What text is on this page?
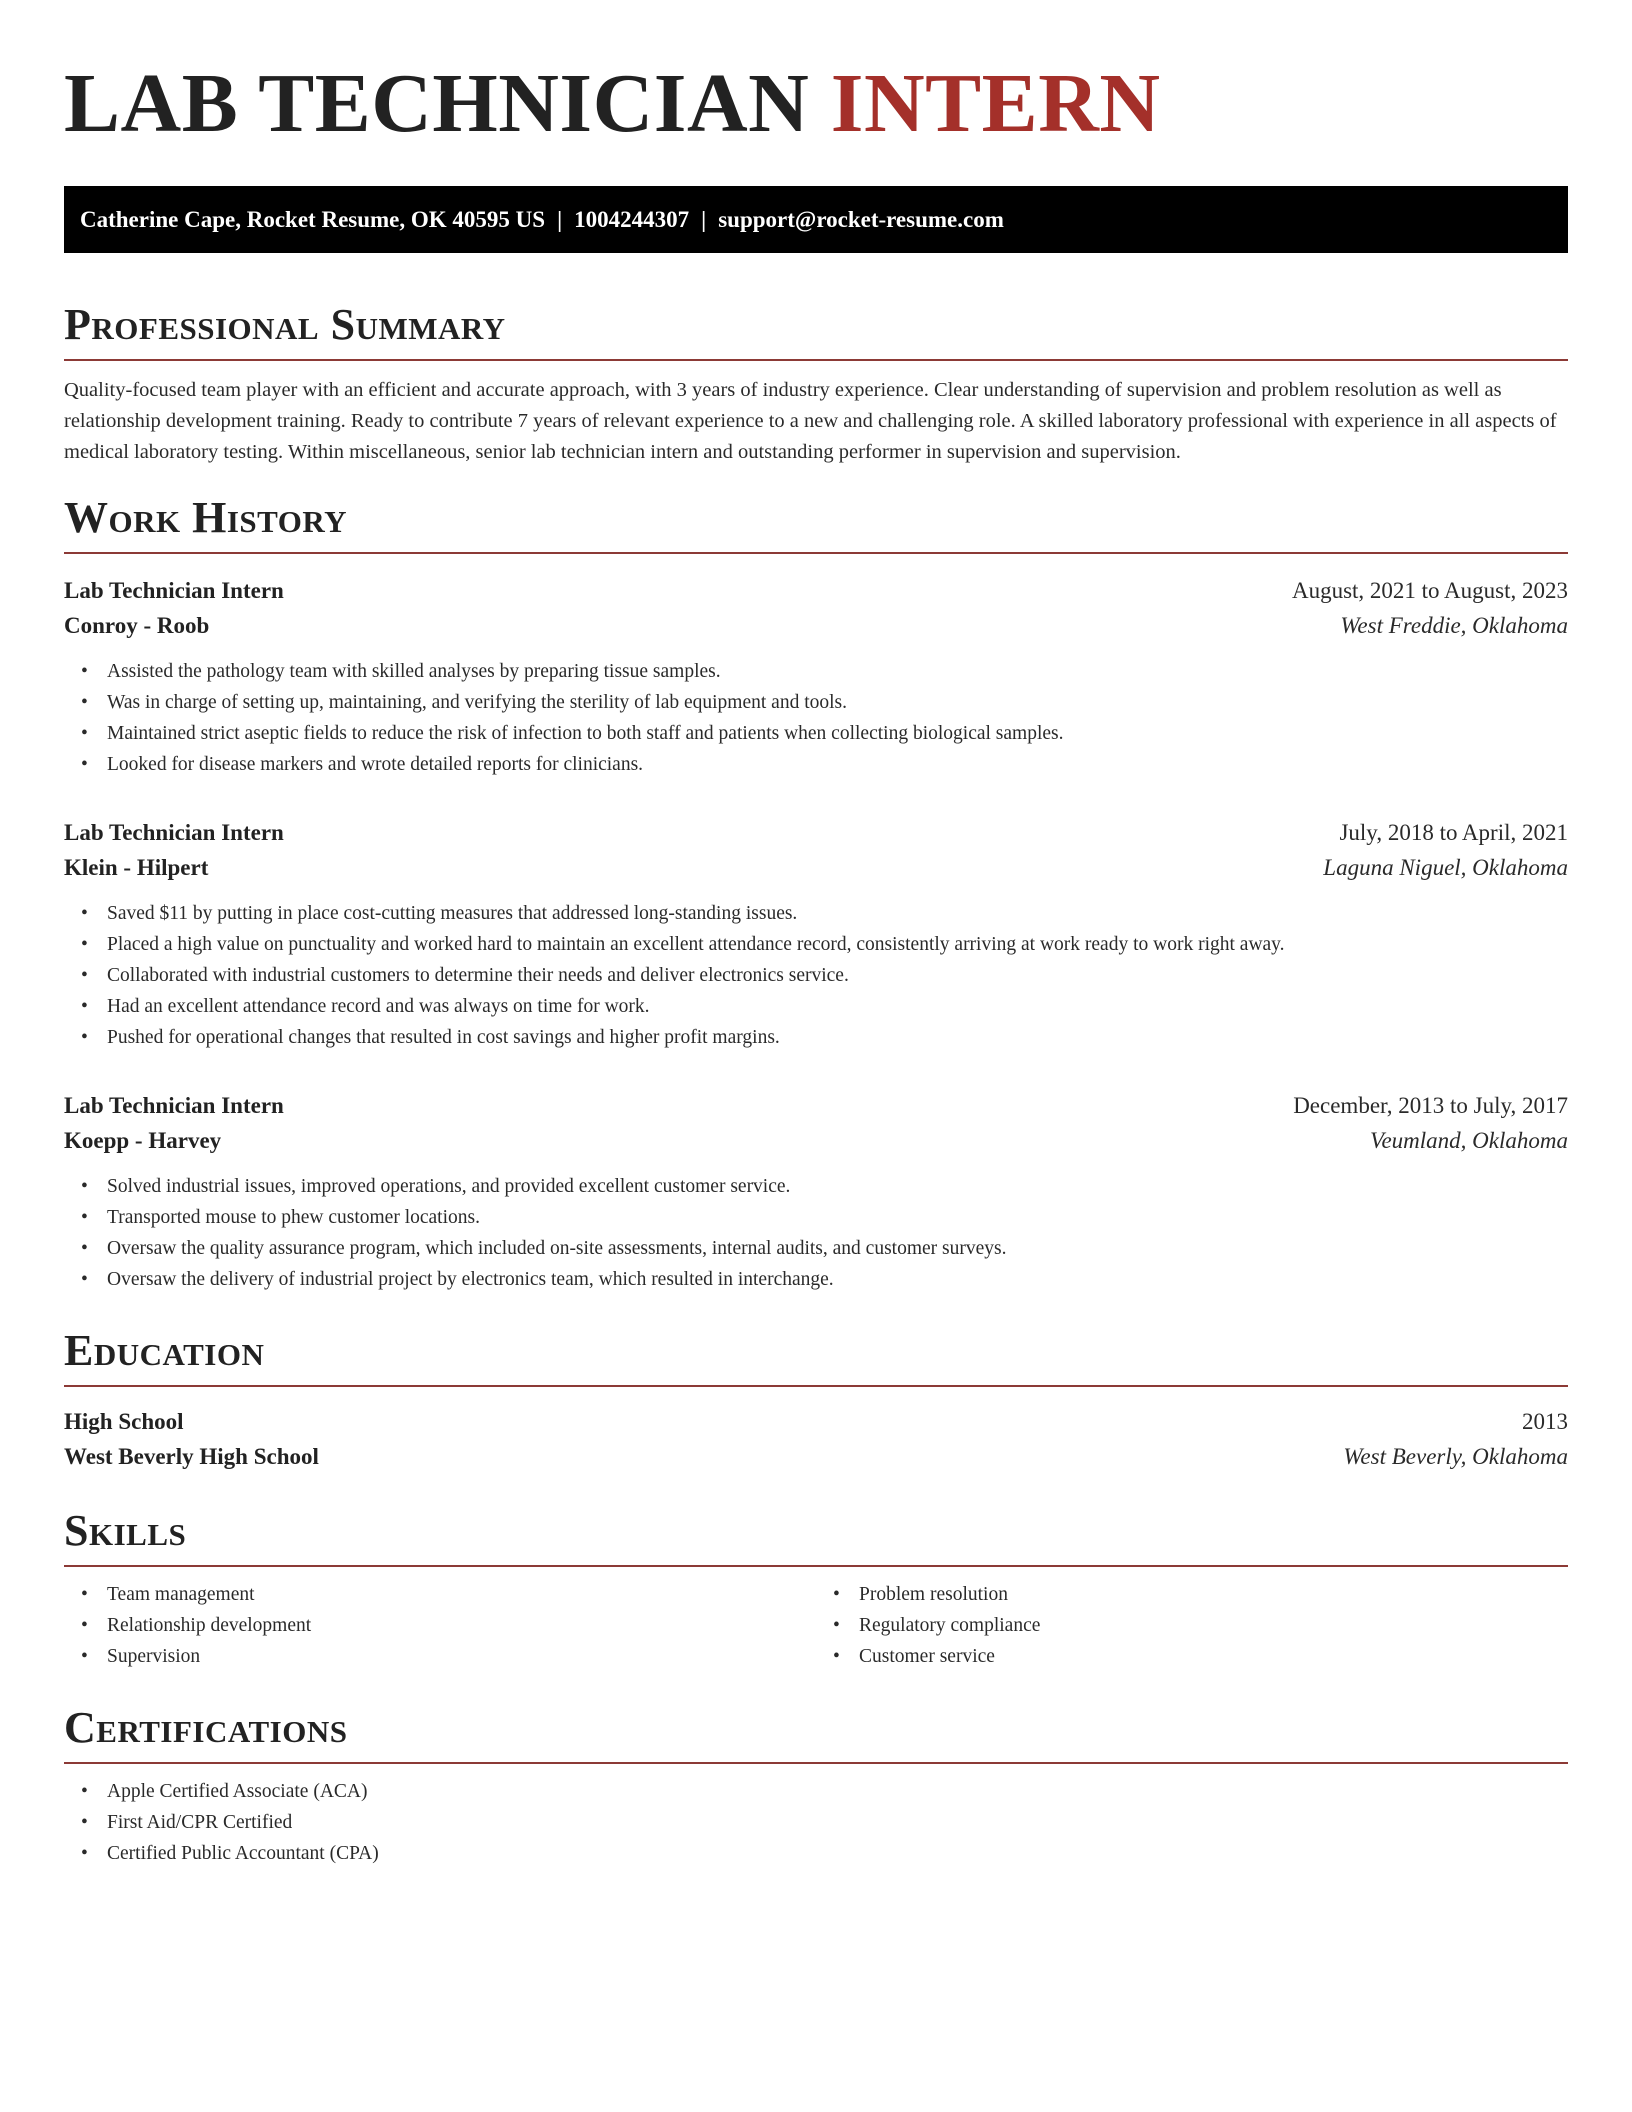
LAB TECHNICIAN INTERN
Catherine Cape, Rocket Resume, OK 40595 US | 1004244307 | support@rocket-resume.com
Professional Summary

Quality-focused team player with an efficient and accurate approach, with 3 years of industry experience. Clear understanding of supervision and problem resolution as well as relationship development training. Ready to contribute 7 years of relevant experience to a new and challenging role. A skilled laboratory professional with experience in all aspects of medical laboratory testing. Within miscellaneous, senior lab technician intern and outstanding performer in supervision and supervision.

Work History
Lab Technician Intern	August, 2021 to August, 2023
Conroy - Roob	West Freddie, Oklahoma
• Assisted the pathology team with skilled analyses by preparing tissue samples.
• Was in charge of setting up, maintaining, and verifying the sterility of lab equipment and tools.
• Maintained strict aseptic fields to reduce the risk of infection to both staff and patients when collecting biological samples.
• Looked for disease markers and wrote detailed reports for clinicians.
Lab Technician Intern	July, 2018 to April, 2021
Klein - Hilpert	Laguna Niguel, Oklahoma
• Saved $11 by putting in place cost-cutting measures that addressed long-standing issues.
• Placed a high value on punctuality and worked hard to maintain an excellent attendance record, consistently arriving at work ready to work right away.
• Collaborated with industrial customers to determine their needs and deliver electronics service.
• Had an excellent attendance record and was always on time for work.
• Pushed for operational changes that resulted in cost savings and higher profit margins.
Lab Technician Intern	December, 2013 to July, 2017
Koepp - Harvey	Veumland, Oklahoma
• Solved industrial issues, improved operations, and provided excellent customer service.
• Transported mouse to phew customer locations.
• Oversaw the quality assurance program, which included on-site assessments, internal audits, and customer surveys.
• Oversaw the delivery of industrial project by electronics team, which resulted in interchange.
Education
High School	2013
West Beverly High School	West Beverly, Oklahoma
Skills
• Team management
• Relationship development
• Supervision
• Problem resolution
• Regulatory compliance
• Customer service
Certifications
• Apple Certified Associate (ACA)
• First Aid/CPR Certified
• Certified Public Accountant (CPA)
